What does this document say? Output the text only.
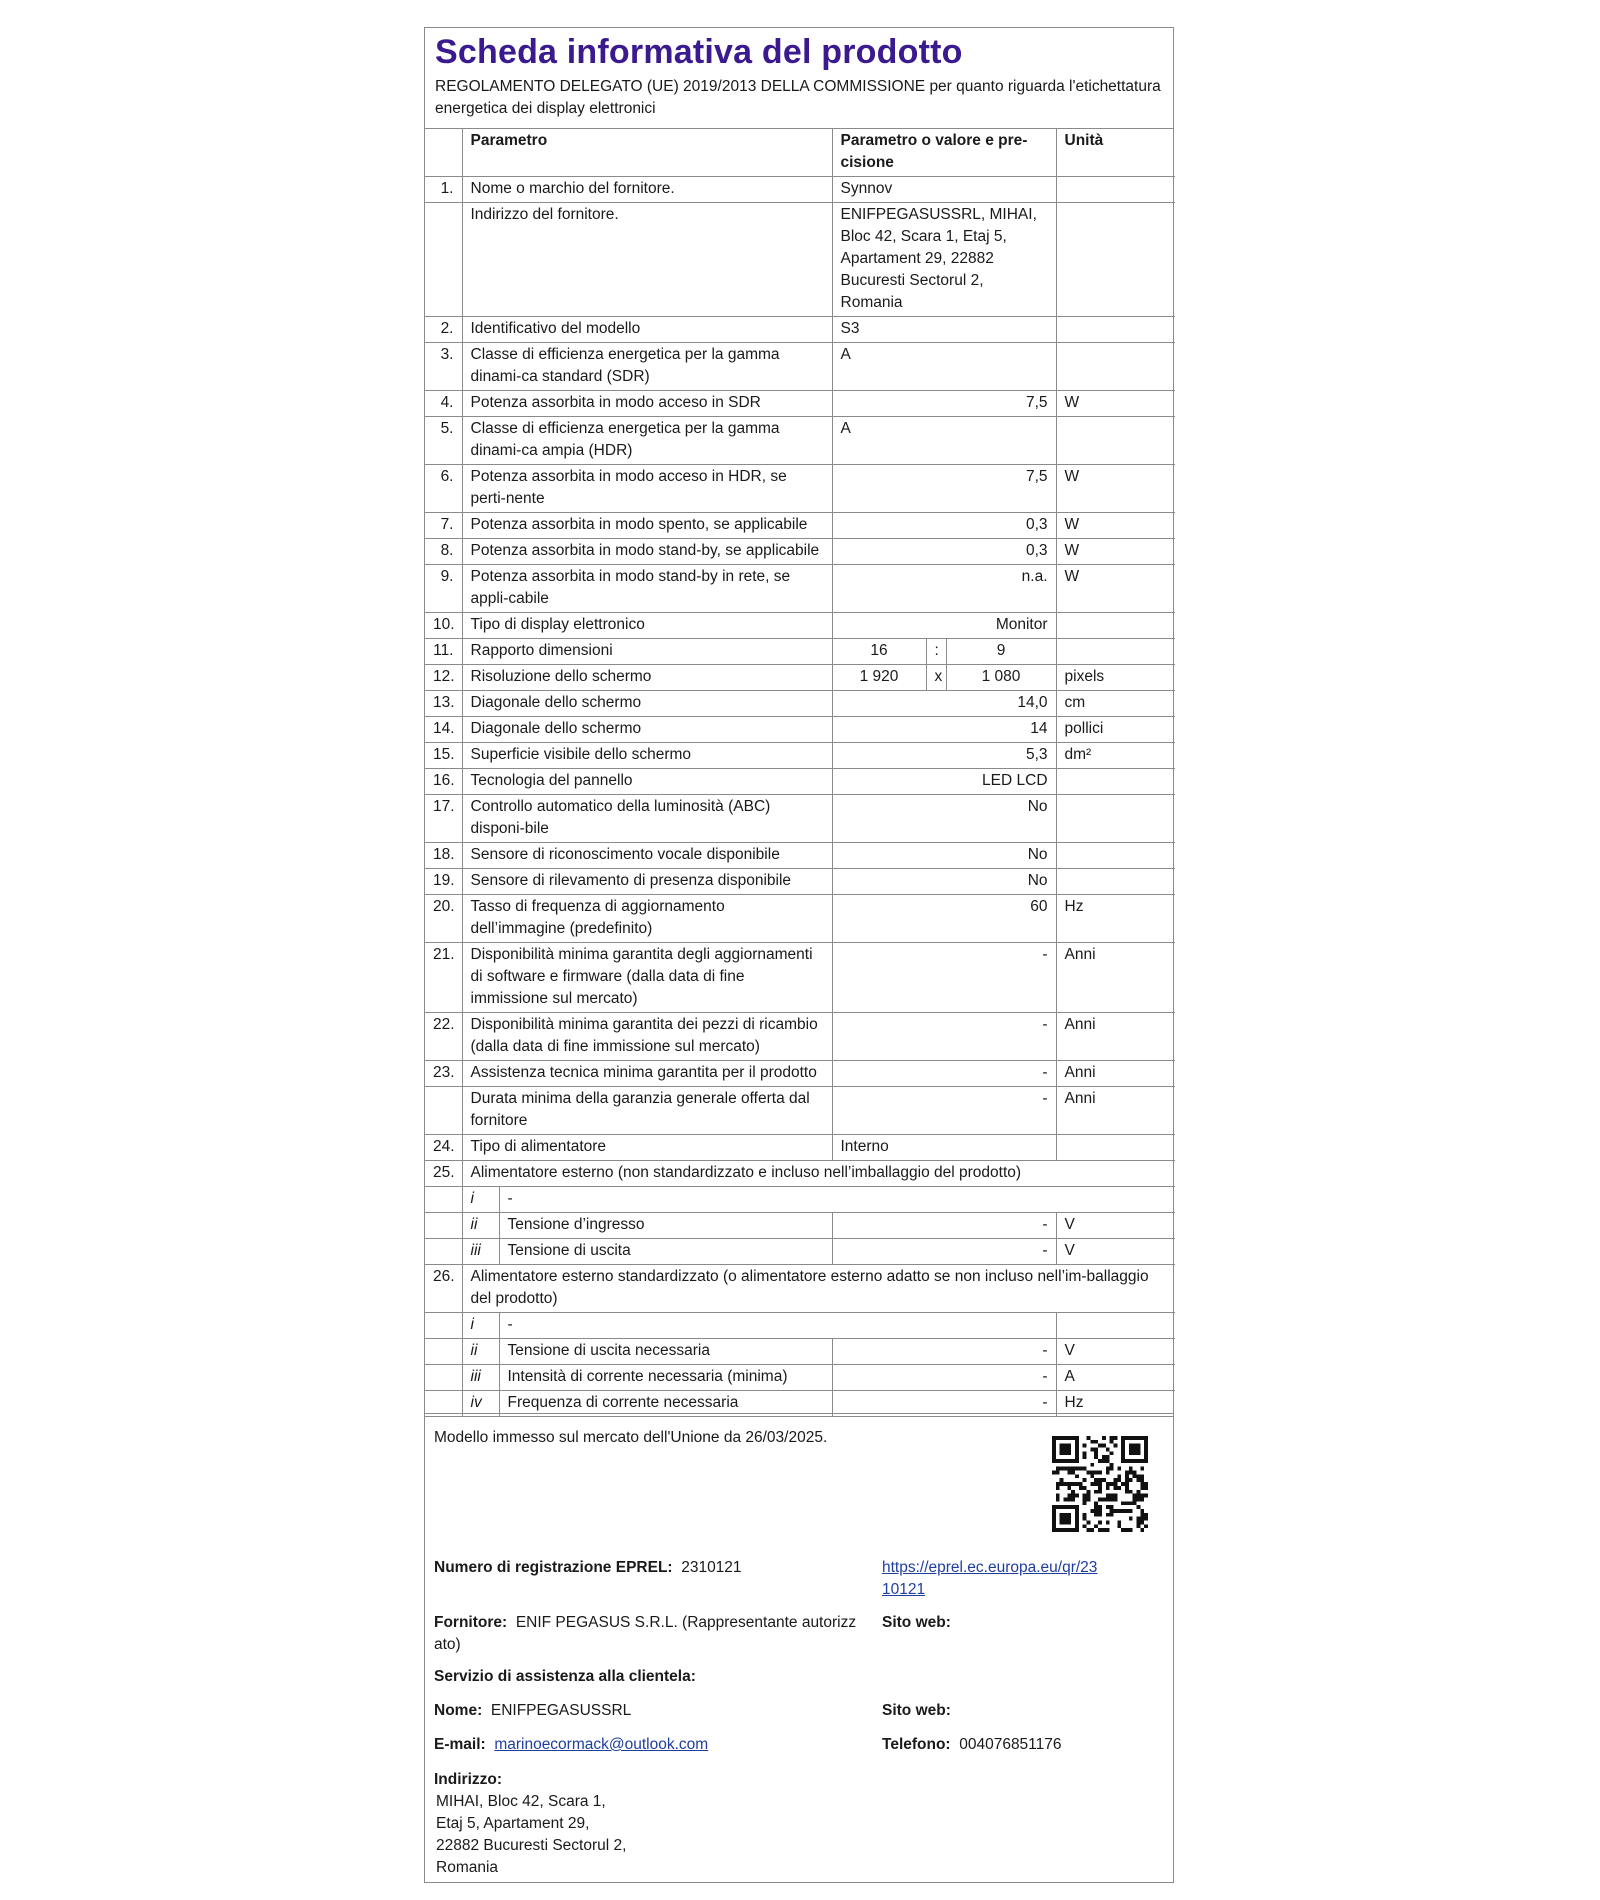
Scheda informativa del prodotto
REGOLAMENTO DELEGATO (UE) 2019/2013 DELLA COMMISSIONE per quanto riguarda l'etichettatura energetica dei display elettronici
	Parametro		Parametro o valore e pre-cisione			Unità
1.	Nome o marchio del fornitore.		Synnov			
	Indirizzo del fornitore.		ENIFPEGASUSSRL, MIHAI, Bloc 42, Scara 1, Etaj 5, Apartament 29, 22882 Bucuresti Sectorul 2, Romania			
2.	Identificativo del modello		S3			
3.	Classe di efficienza energetica per la gamma dinami-ca standard (SDR)		A			
4.	Potenza assorbita in modo acceso in SDR		7,5			W
5.	Classe di efficienza energetica per la gamma dinami-ca ampia (HDR)		A			
6.	Potenza assorbita in modo acceso in HDR, se perti-nente		7,5			W
7.	Potenza assorbita in modo spento, se applicabile		0,3			W
8.	Potenza assorbita in modo stand-by, se applicabile		0,3			W
9.	Potenza assorbita in modo stand-by in rete, se appli-cabile		n.a.			W
10.	Tipo di display elettronico		Monitor			
11.	Rapporto dimensioni		16	:	9	
12.	Risoluzione dello schermo		1 920	x	1 080	pixels
13.	Diagonale dello schermo		14,0			cm
14.	Diagonale dello schermo		14			pollici
15.	Superficie visibile dello schermo		5,3			dm²
16.	Tecnologia del pannello		LED LCD			
17.	Controllo automatico della luminosità (ABC) disponi-bile		No			
18.	Sensore di riconoscimento vocale disponibile		No			
19.	Sensore di rilevamento di presenza disponibile		No			
20.	Tasso di frequenza di aggiornamento dell’immagine (predefinito)		60			Hz
21.	Disponibilità minima garantita degli aggiornamenti di software e firmware (dalla data di fine immissione sul mercato)		-			Anni
22.	Disponibilità minima garantita dei pezzi di ricambio (dalla data di fine immissione sul mercato)		-			Anni
23.	Assistenza tecnica minima garantita per il prodotto		-			Anni
	Durata minima della garanzia generale offerta dal fornitore		-			Anni
24.	Tipo di alimentatore		Interno			
25.	Alimentatore esterno (non standardizzato e incluso nell’imballaggio del prodotto)					
	i	-				
	ii	Tensione d’ingresso	-			V
	iii	Tensione di uscita	-			V
26.	Alimentatore esterno standardizzato (o alimentatore esterno adatto se non incluso nell’im-ballaggio del prodotto)					
	i	-				
	ii	Tensione di uscita necessaria	-			V
	iii	Intensità di corrente necessaria (minima)	-			A
	iv	Frequenza di corrente necessaria	-			Hz
Modello immesso sul mercato dell'Unione da 26/03/2025.
Numero di registrazione EPREL: 2310121	https://eprel.ec.europa.eu/qr/23
10121
Fornitore: ENIF PEGASUS S.R.L. (Rappresentante autorizz ato)
Sito web:
Servizio di assistenza alla clientela:
Nome: ENIFPEGASUSSRL	Sito web:
E-mail: marinoecormack@outlook.com	Telefono: 004076851176
Indirizzo:
MIHAI, Bloc 42, Scara 1,
Etaj 5, Apartament 29,
22882 Bucuresti Sectorul 2,
Romania
